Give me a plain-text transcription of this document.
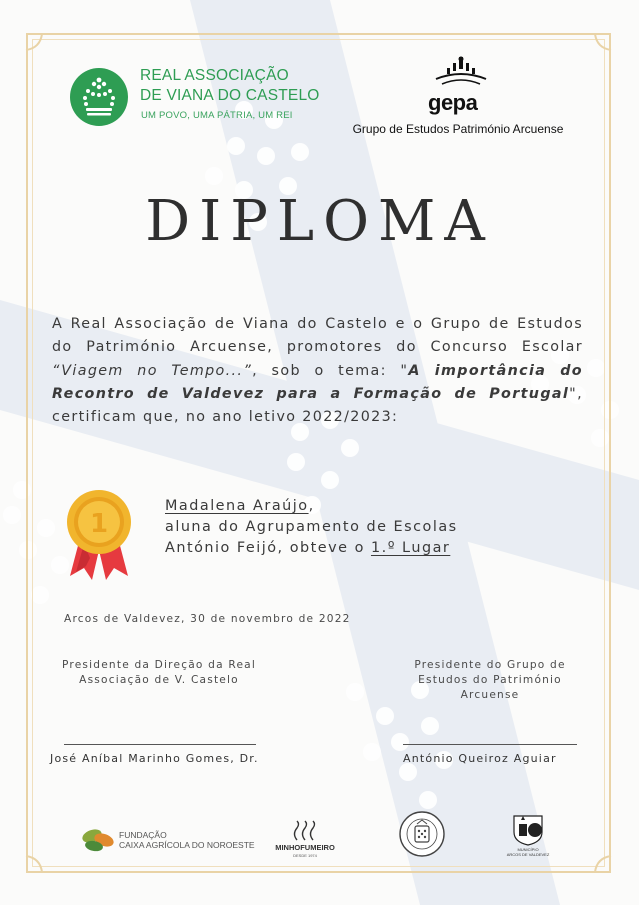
REAL ASSOCIAÇÃO
DE VIANA DO CASTELO
UM POVO, UMA PÁTRIA, UM REI
gepa
Grupo de Estudos Património Arcuense
DIPLOMA
A Real Associação de Viana do Castelo e o Grupo de Estudos do Património Arcuense, promotores do Concurso Escolar “Viagem no Tempo...”, sob o tema: "A importância do Recontro de Valdevez para a Formação de Portugal", certificam que, no ano letivo 2022/2023:
1
Madalena Araújo,
aluna do Agrupamento de Escolas
António Feijó, obteve o 1.º Lugar
Arcos de Valdevez, 30 de novembro de 2022
Presidente da Direção da Real Associação de V. Castelo
Presidente do Grupo de Estudos do Património Arcuense
José Aníbal Marinho Gomes, Dr.	António Queiroz Aguiar
FUNDAÇÃO
CAIXA AGRÍCOLA DO NOROESTE	MINHOFUMEIRO
DESDE 1974
MUNICÍPIO
ARCOS DE VALDEVEZ
